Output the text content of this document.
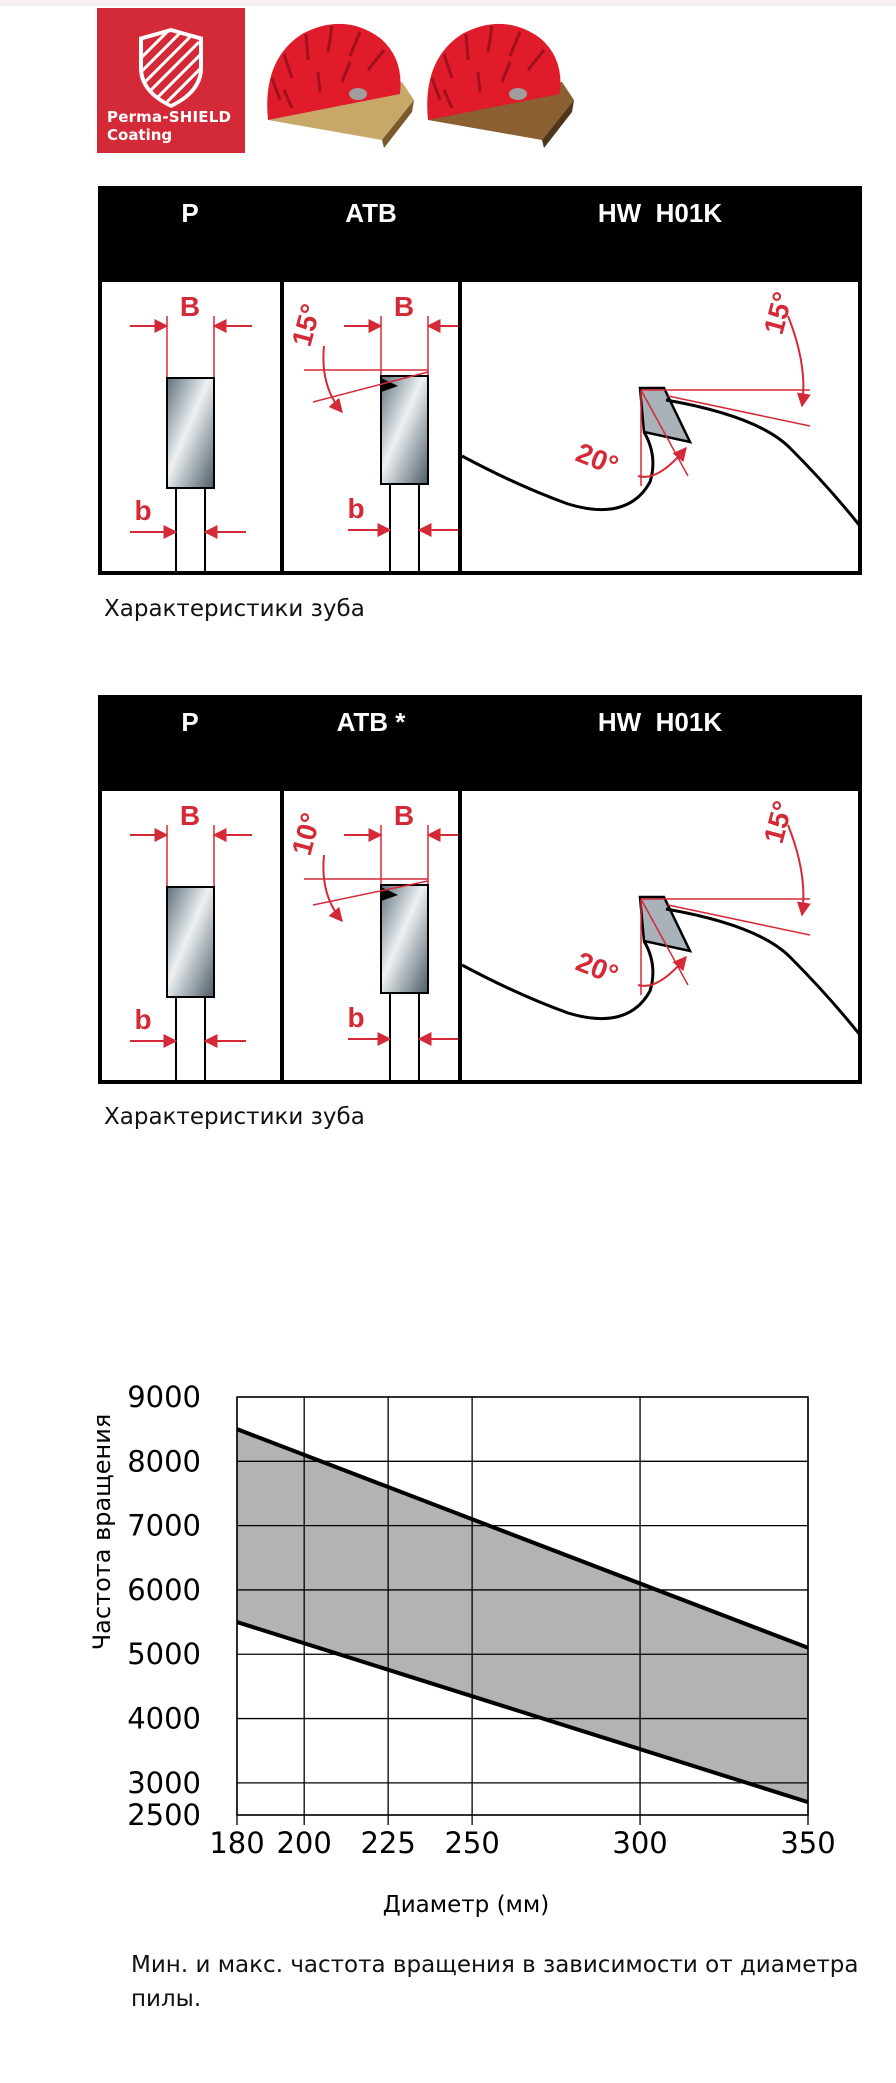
Perma-SHIELD
Coating
P	ATB	HW  H01K
B
b
B
15°
b
15°
20°
Характеристики зуба
P	ATB *	HW  H01K
B
b
B
10°
b
15°
20°
Характеристики зуба
2500
3000
4000
5000
6000
7000
8000
9000
180 200 225 250	300	350
Частота вращения
Диаметр (мм)
Мин. и макс. частота вращения в зависимости от диаметра пилы.
